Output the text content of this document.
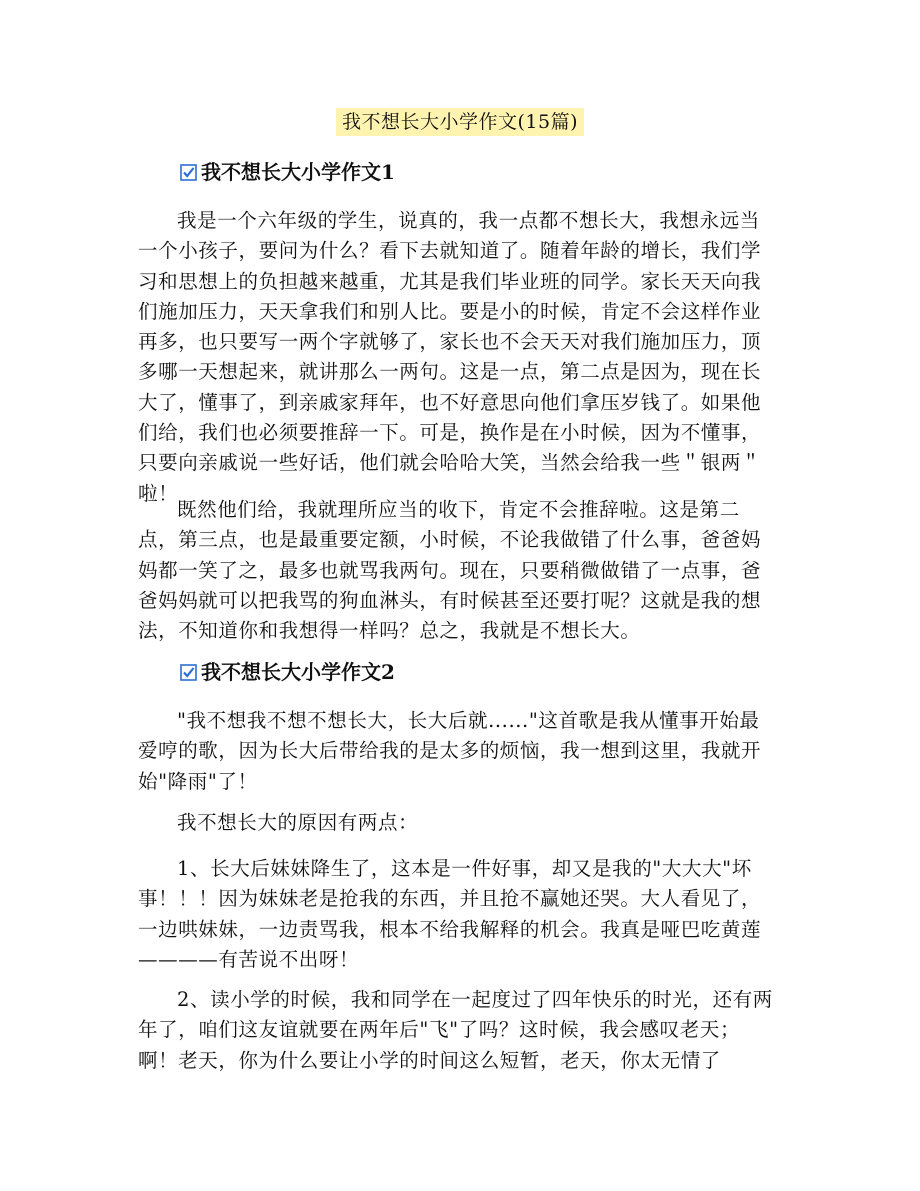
我不想长大小学作文(15篇)
我不想长大小学作文1

我是一个六年级的学生，说真的，我一点都不想长大，我想永远当一个小孩子，要问为什么？看下去就知道了。随着年龄的增长，我们学习和思想上的负担越来越重，尤其是我们毕业班的同学。家长天天向我们施加压力，天天拿我们和别人比。要是小的时候，肯定不会这样作业再多，也只要写一两个字就够了，家长也不会天天对我们施加压力，顶多哪一天想起来，就讲那么一两句。这是一点，第二点是因为，现在长大了，懂事了，到亲戚家拜年，也不好意思向他们拿压岁钱了。如果他们给，我们也必须要推辞一下。可是，换作是在小时候，因为不懂事，只要向亲戚说一些好话，他们就会哈哈大笑，当然会给我一些＂银两＂啦！

既然他们给，我就理所应当的收下，肯定不会推辞啦。这是第二点，第三点，也是最重要定额，小时候，不论我做错了什么事，爸爸妈妈都一笑了之，最多也就骂我两句。现在，只要稍微做错了一点事，爸爸妈妈就可以把我骂的狗血淋头，有时候甚至还要打呢？这就是我的想法，不知道你和我想得一样吗？总之，我就是不想长大。

我不想长大小学作文2

"我不想我不想不想长大，长大后就......"这首歌是我从懂事开始最爱哼的歌，因为长大后带给我的是太多的烦恼，我一想到这里，我就开始"降雨"了！

我不想长大的原因有两点：

1、长大后妹妹降生了，这本是一件好事，却又是我的"大大大"坏事！！！因为妹妹老是抢我的东西，并且抢不赢她还哭。大人看见了，一边哄妹妹，一边责骂我，根本不给我解释的机会。我真是哑巴吃黄莲————有苦说不出呀！

2、读小学的时候，我和同学在一起度过了四年快乐的时光，还有两年了，咱们这友谊就要在两年后"飞"了吗？这时候，我会感叹老天；啊！老天，你为什么要让小学的时间这么短暂，老天，你太无情了
